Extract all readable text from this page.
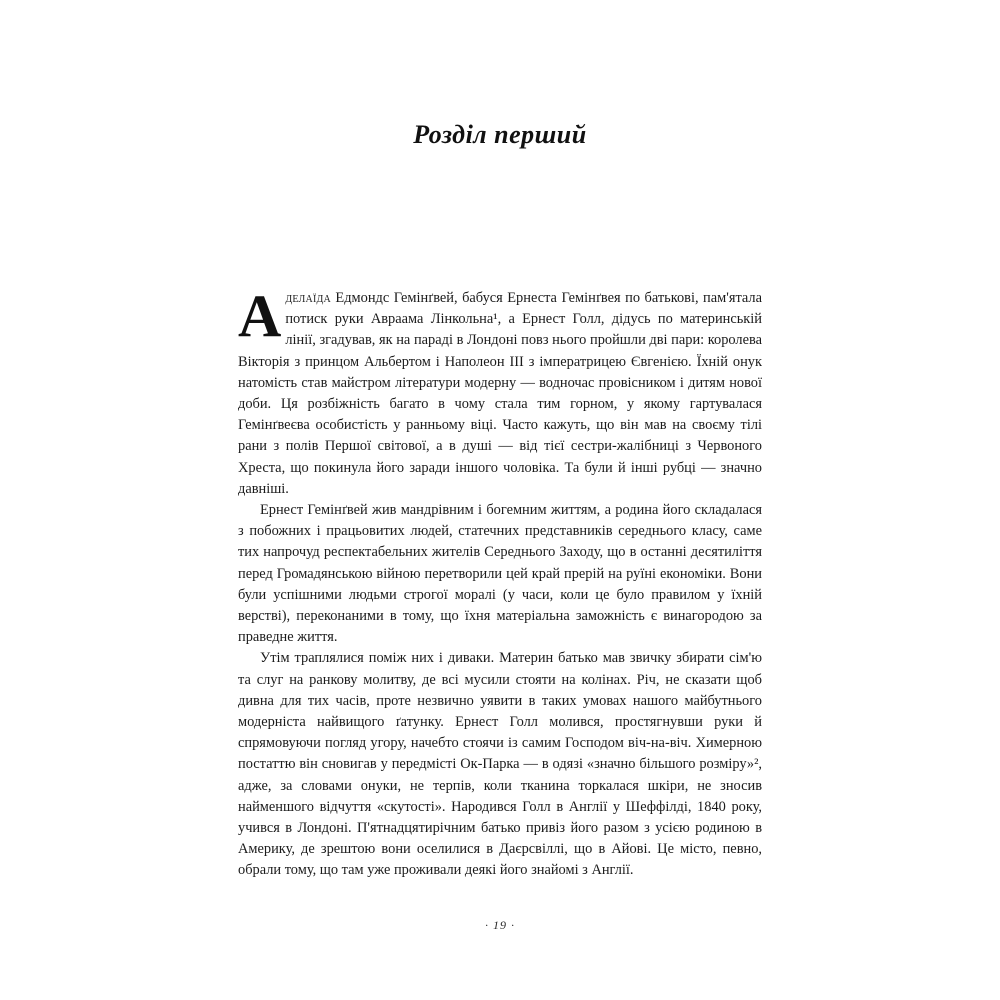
Розділ перший

Аделаїда Едмондс Гемінґвей, бабуся Ернеста Гемінґвея по батькові, пам'ятала потиск руки Авраама Лінкольна¹, а Ернест Голл, дідусь по материнській лінії, згадував, як на параді в Лондоні повз нього пройшли дві пари: королева Вікторія з принцом Альбертом і Наполеон III з імператрицею Євгенією. Їхній онук натомість став майстром літератури модерну — водночас провісником і дитям нової доби. Ця розбіжність багато в чому стала тим горном, у якому гартувалася Гемінґвеєва особистість у ранньому віці. Часто кажуть, що він мав на своєму тілі рани з полів Першої світової, а в душі — від тієї сестри-жалібниці з Червоного Хреста, що покинула його заради іншого чоловіка. Та були й інші рубці — значно давніші.

Ернест Гемінґвей жив мандрівним і богемним життям, а родина його складалася з побожних і працьовитих людей, статечних представників середнього класу, саме тих напрочуд респектабельних жителів Середнього Заходу, що в останні десятиліття перед Громадянською війною перетворили цей край прерій на руїні економіки. Вони були успішними людьми строгої моралі (у часи, коли це було правилом у їхній верстві), переконаними в тому, що їхня матеріальна заможність є винагородою за праведне життя.

Утім траплялися поміж них і диваки. Материн батько мав звичку збирати сім'ю та слуг на ранкову молитву, де всі мусили стояти на колінах. Річ, не сказати щоб дивна для тих часів, проте незвично уявити в таких умовах нашого майбутнього модерніста найвищого ґатунку. Ернест Голл молився, простягнувши руки й спрямовуючи погляд угору, начебто стоячи із самим Господом віч-на-віч. Химерною постаттю він сновигав у передмісті Ок-Парка — в одязі «значно більшого розміру»², адже, за словами онуки, не терпів, коли тканина торкалася шкіри, не зносив найменшого відчуття «скутості». Народився Голл в Англії у Шеффілді, 1840 року, учився в Лондоні. П'ятнадцятирічним батько привіз його разом з усією родиною в Америку, де зрештою вони оселилися в Даєрсвіллі, що в Айові. Це місто, певно, обрали тому, що там уже проживали деякі його знайомі з Англії.

· 19 ·
